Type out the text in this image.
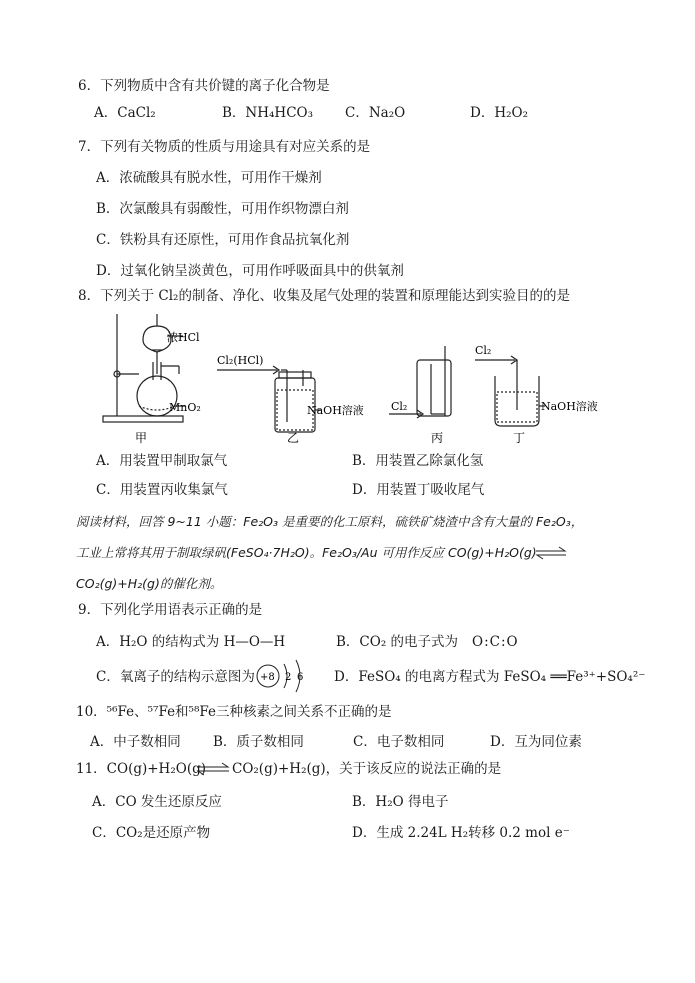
6．下列物质中含有共价键的离子化合物是
A．CaCl₂	B．NH₄HCO₃ C．Na₂O	D．H₂O₂
7．下列有关物质的性质与用途具有对应关系的是
A．浓硫酸具有脱水性，可用作干燥剂
B．次氯酸具有弱酸性，可用作织物漂白剂
C．铁粉具有还原性，可用作食品抗氧化剂
D．过氧化钠呈淡黄色，可用作呼吸面具中的供氧剂
8．下列关于 Cl₂的制备、净化、收集及尾气处理的装置和原理能达到实验目的的是
浓HCl
MnO₂
甲
Cl₂(HCl)
NaOH溶液
乙
Cl₂
丙
Cl₂
NaOH溶液
丁
A．用装置甲制取氯气	B．用装置乙除氯化氢
C．用装置丙收集氯气	D．用装置丁吸收尾气
阅读材料，回答 9~11 小题：Fe₂O₃ 是重要的化工原料，硫铁矿烧渣中含有大量的 Fe₂O₃，
工业上常将其用于制取绿矾(FeSO₄·7H₂O)。Fe₂O₃/Au 可用作反应 CO(g)+H₂O(g)
CO₂(g)+H₂(g)的催化剂。
9．下列化学用语表示正确的是
A．H₂O 的结构式为 H—O—H	B．CO₂ 的电子式为 O:C:O
C．氧离子的结构示意图为 +8 2 6 D．FeSO₄ 的电离方程式为 FeSO₄ ══Fe³⁺+SO₄²⁻
10．⁵⁶Fe、⁵⁷Fe和⁵⁸Fe三种核素之间关系不正确的是
A．中子数相同 B．质子数相同	C．电子数相同	D．互为同位素
11．CO(g)+H₂O(g) ⇌ CO₂(g)+H₂(g)，关于该反应的说法正确的是
A．CO 发生还原反应	B．H₂O 得电子
C．CO₂是还原产物	D．生成 2.24L H₂转移 0.2 mol e⁻
